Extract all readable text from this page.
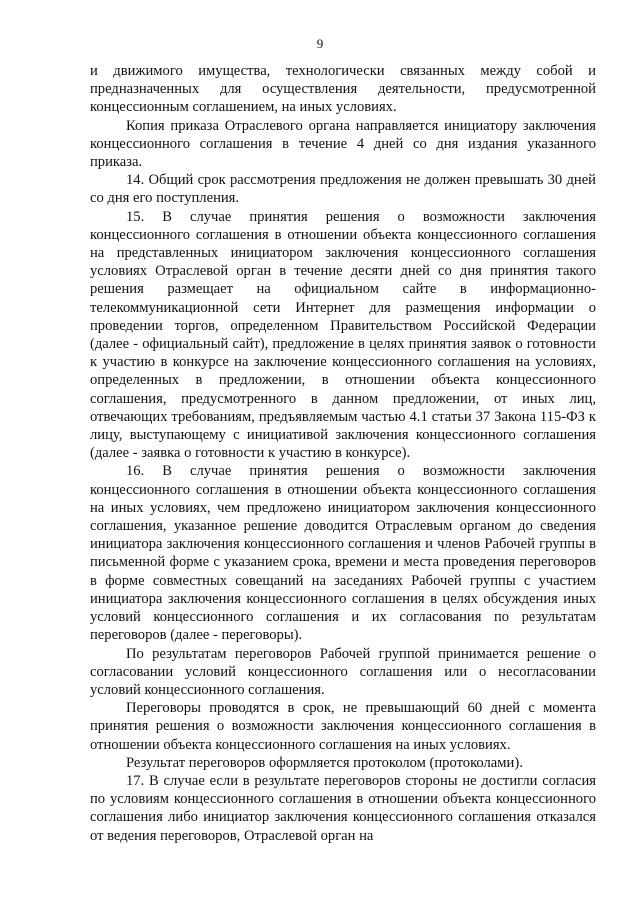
9

и движимого имущества, технологически связанных между собой и предназначенных для осуществления деятельности, предусмотренной концессионным соглашением, на иных условиях.

Копия приказа Отраслевого органа направляется инициатору заключения концессионного соглашения в течение 4 дней со дня издания указанного приказа.

14. Общий срок рассмотрения предложения не должен превышать 30 дней со дня его поступления.

15. В случае принятия решения о возможности заключения концессионного соглашения в отношении объекта концессионного соглашения на представленных инициатором заключения концессионного соглашения условиях Отраслевой орган в течение десяти дней со дня принятия такого решения размещает на официальном сайте в информационно-телекоммуникационной сети Интернет для размещения информации о проведении торгов, определенном Правительством Российской Федерации (далее - официальный сайт), предложение в целях принятия заявок о готовности к участию в конкурсе на заключение концессионного соглашения на условиях, определенных в предложении, в отношении объекта концессионного соглашения, предусмотренного в данном предложении, от иных лиц, отвечающих требованиям, предъявляемым частью 4.1 статьи 37 Закона 115-ФЗ к лицу, выступающему с инициативой заключения концессионного соглашения (далее - заявка о готовности к участию в конкурсе).

16. В случае принятия решения о возможности заключения концессионного соглашения в отношении объекта концессионного соглашения на иных условиях, чем предложено инициатором заключения концессионного соглашения, указанное решение доводится Отраслевым органом до сведения инициатора заключения концессионного соглашения и членов Рабочей группы в письменной форме с указанием срока, времени и места проведения переговоров в форме совместных совещаний на заседаниях Рабочей группы с участием инициатора заключения концессионного соглашения в целях обсуждения иных условий концессионного соглашения и их согласования по результатам переговоров (далее - переговоры).

По результатам переговоров Рабочей группой принимается решение о согласовании условий концессионного соглашения или о несогласовании условий концессионного соглашения.

Переговоры проводятся в срок, не превышающий 60 дней с момента принятия решения о возможности заключения концессионного соглашения в отношении объекта концессионного соглашения на иных условиях.

Результат переговоров оформляется протоколом (протоколами).

17. В случае если в результате переговоров стороны не достигли согласия по условиям концессионного соглашения в отношении объекта концессионного соглашения либо инициатор заключения концессионного соглашения отказался от ведения переговоров, Отраслевой орган на
